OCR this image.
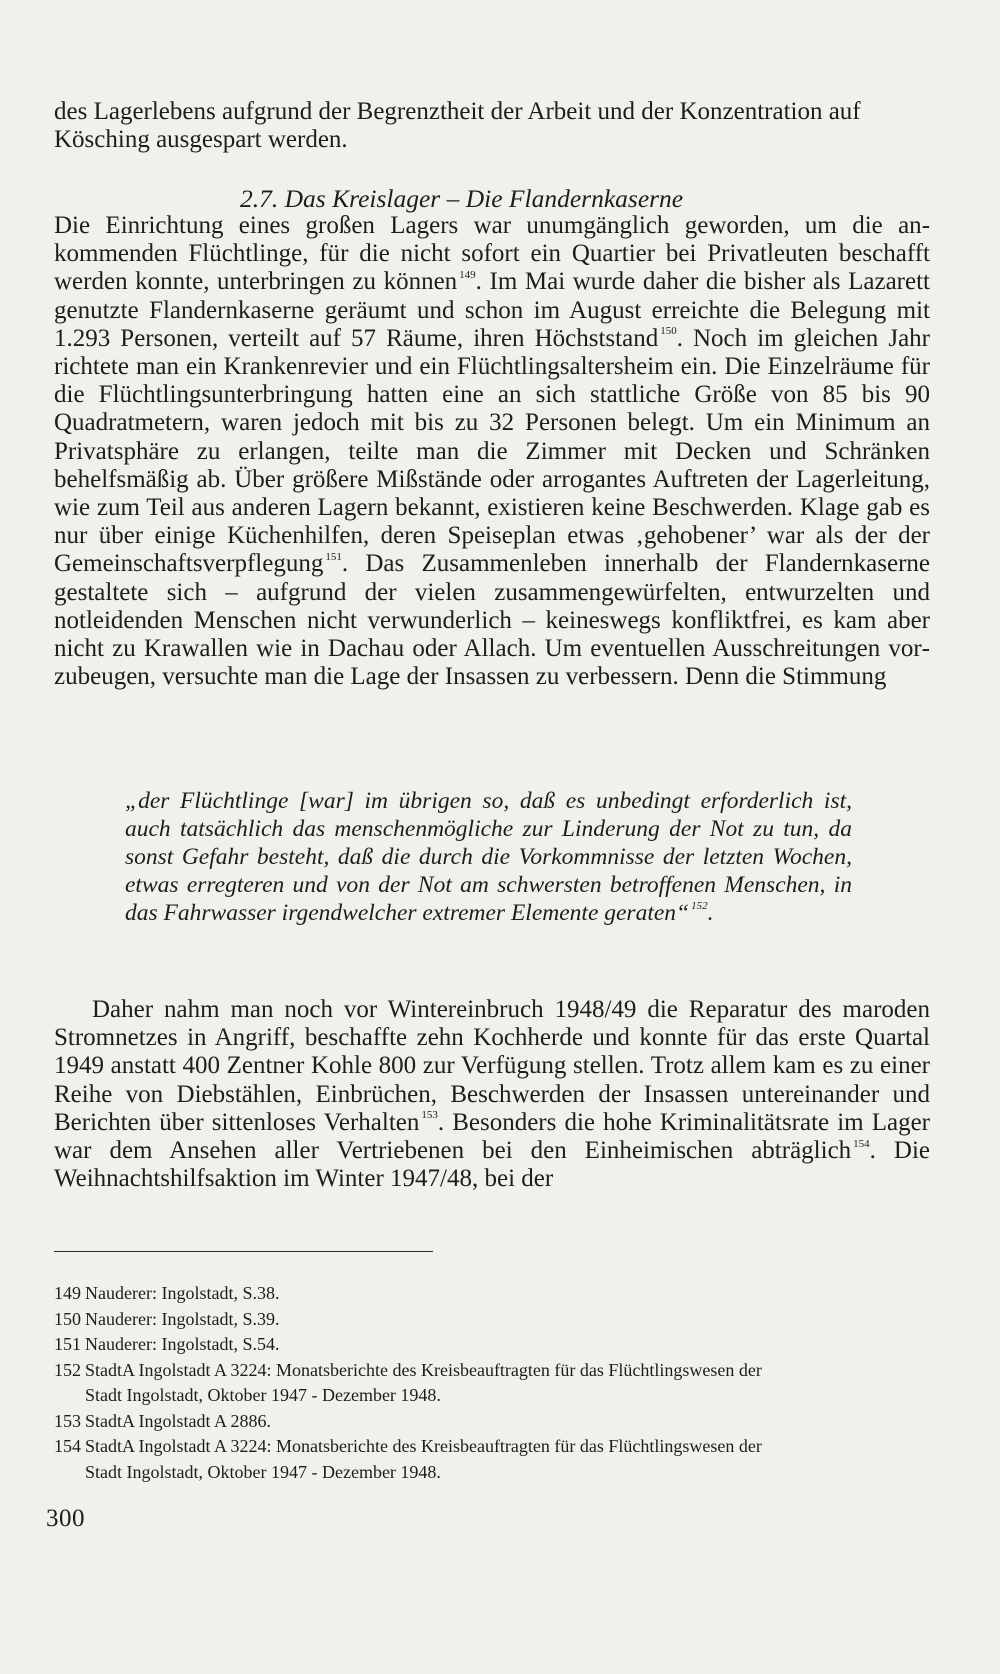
des Lagerlebens aufgrund der Begrenztheit der Arbeit und der Konzentration auf
Kösching ausgespart werden.

2.7. Das Kreislager – Die Flandernkaserne

Die Einrichtung eines großen Lagers war unumgänglich geworden, um die ankommenden Flüchtlinge, für die nicht sofort ein Quartier bei Privatleuten beschafft werden konnte, unterbringen zu können $^{149}$. Im Mai wurde daher die bisher als Lazarett genutzte Flandernkaserne geräumt und schon im August erreichte die Belegung mit 1.293 Personen, verteilt auf 57 Räume, ihren Höchststand $^{150}$. Noch im gleichen Jahr richtete man ein Krankenrevier und ein Flüchtlingsaltersheim ein. Die Einzelräume für die Flüchtlingsunterbringung hatten eine an sich stattliche Größe von 85 bis 90 Quadratmetern, waren jedoch mit bis zu 32 Personen belegt. Um ein Minimum an Privatsphäre zu erlangen, teilte man die Zimmer mit Decken und Schränken behelfsmäßig ab. Über größere Mißstände oder arrogantes Auftreten der Lagerleitung, wie zum Teil aus anderen Lagern bekannt, existieren keine Beschwerden. Klage gab es nur über einige Küchenhilfen, deren Speiseplan etwas ‚gehobener’ war als der der Gemeinschaftsverpflegung $^{151}$. Das Zusammenleben innerhalb der Flandernkaserne gestaltete sich – aufgrund der vielen zusammengewürfelten, entwurzelten und notleidenden Menschen nicht verwunderlich – keineswegs konfliktfrei, es kam aber nicht zu Krawallen wie in Dachau oder Allach. Um eventuellen Ausschreitungen vorzubeugen, versuchte man die Lage der Insassen zu verbessern. Denn die Stimmung

„der Flüchtlinge [war] im übrigen so, daß es unbedingt erforderlich ist, auch tatsächlich das menschenmögliche zur Linderung der Not zu tun, da sonst Gefahr besteht, daß die durch die Vorkommnisse der letzten Wochen, etwas erregteren und von der Not am schwersten betroffenen Menschen, in das Fahrwasser irgendwelcher extremer Elemente geraten“ $^{152}$.

Daher nahm man noch vor Wintereinbruch 1948/49 die Reparatur des maroden Stromnetzes in Angriff, beschaffte zehn Kochherde und konnte für das erste Quartal 1949 anstatt 400 Zentner Kohle 800 zur Verfügung stellen. Trotz allem kam es zu einer Reihe von Diebstählen, Einbrüchen, Beschwerden der Insassen untereinander und Berichten über sittenloses Verhalten $^{153}$. Besonders die hohe Kriminalitätsrate im Lager war dem Ansehen aller Vertriebenen bei den Einheimischen abträglich $^{154}$. Die Weihnachtshilfsaktion im Winter 1947/48, bei der

149 Nauderer: Ingolstadt, S.38.
150 Nauderer: Ingolstadt, S.39.
151 Nauderer: Ingolstadt, S.54.
152 StadtA Ingolstadt A 3224: Monatsberichte des Kreisbeauftragten für das Flüchtlingswesen der
Stadt Ingolstadt, Oktober 1947 - Dezember 1948.
153 StadtA Ingolstadt A 2886.
154 StadtA Ingolstadt A 3224: Monatsberichte des Kreisbeauftragten für das Flüchtlingswesen der
Stadt Ingolstadt, Oktober 1947 - Dezember 1948.
300
